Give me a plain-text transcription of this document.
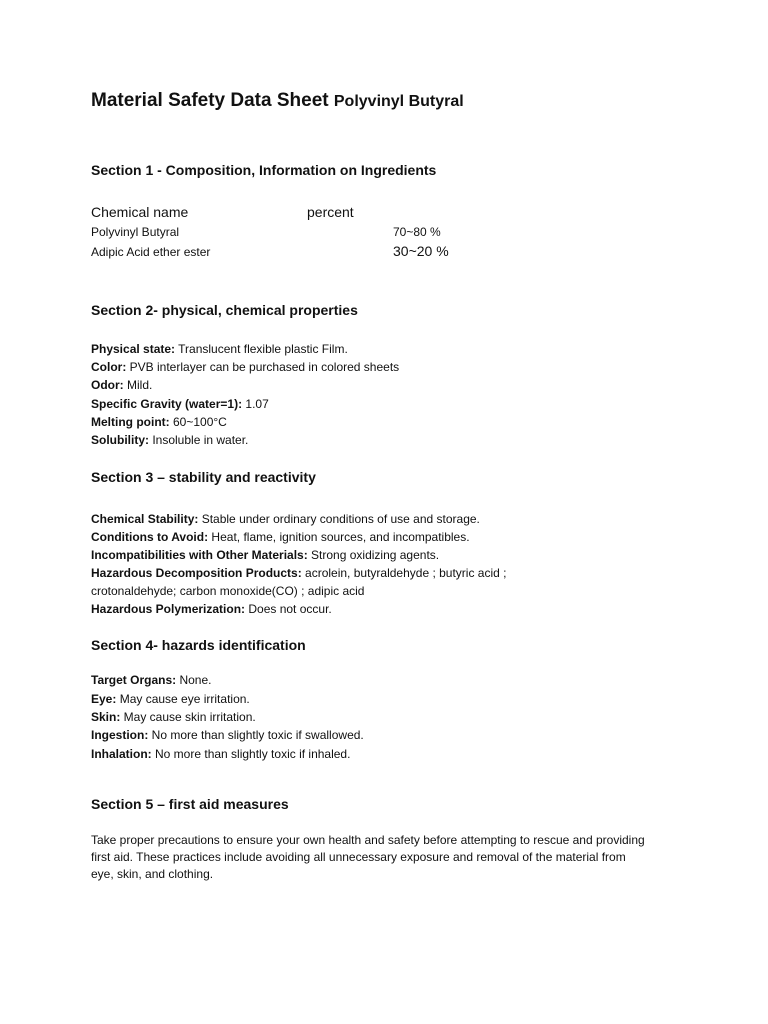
Material Safety Data Sheet Polyvinyl Butyral
Section 1 - Composition, Information on Ingredients
Chemical name	percent
Polyvinyl Butyral	70~80 %
Adipic Acid ether ester	30~20 %
Section 2- physical, chemical properties

Physical state: Translucent flexible plastic Film.

Color: PVB interlayer can be purchased in colored sheets

Odor: Mild.

Specific Gravity (water=1): 1.07

Melting point: 60~100°C

Solubility: Insoluble in water.

Section 3 – stability and reactivity

Chemical Stability: Stable under ordinary conditions of use and storage.

Conditions to Avoid: Heat, flame, ignition sources, and incompatibles.

Incompatibilities with Other Materials: Strong oxidizing agents.

Hazardous Decomposition Products: acrolein, butyraldehyde ; butyric acid ;

crotonaldehyde; carbon monoxide(CO) ; adipic acid

Hazardous Polymerization: Does not occur.

Section 4- hazards identification

Target Organs: None.

Eye: May cause eye irritation.

Skin: May cause skin irritation.

Ingestion: No more than slightly toxic if swallowed.

Inhalation: No more than slightly toxic if inhaled.

Section 5 – first aid measures

Take proper precautions to ensure your own health and safety before attempting to rescue and providing first aid. These practices include avoiding all unnecessary exposure and removal of the material from eye, skin, and clothing.
